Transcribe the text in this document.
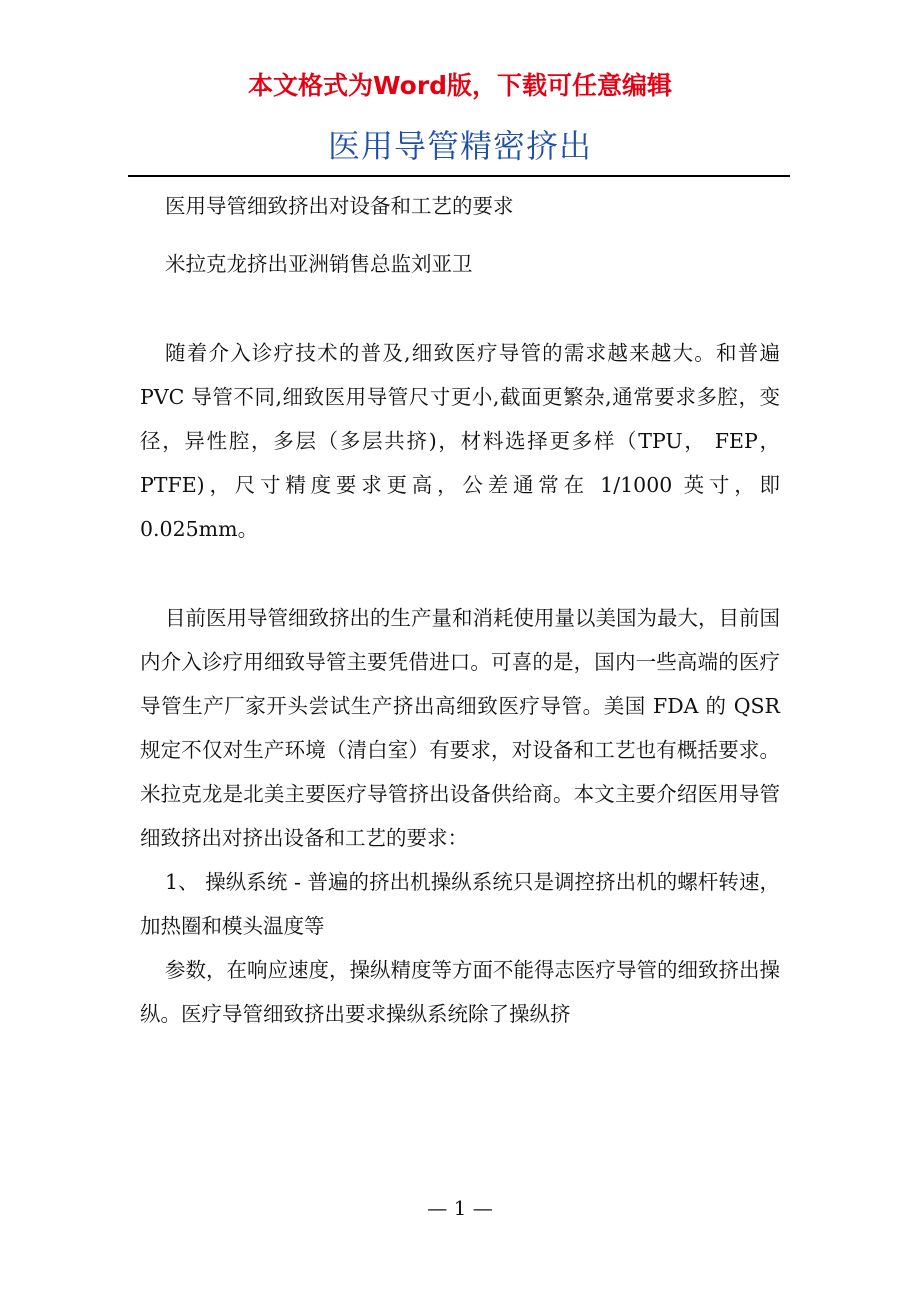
本文格式为Word版，下载可任意编辑
医用导管精密挤出

医用导管细致挤出对设备和工艺的要求

米拉克龙挤出亚洲销售总监刘亚卫

随着介入诊疗技术的普及,细致医疗导管的需求越来越大。和普遍 PVC 导管不同,细致医用导管尺寸更小,截面更繁杂,通常要求多腔，变径，异性腔，多层（多层共挤)，材料选择更多样（TPU， FEP，PTFE)，尺寸精度要求更高，公差通常在 1/1000 英寸，即 0.025mm。

目前医用导管细致挤出的生产量和消耗使用量以美国为最大，目前国内介入诊疗用细致导管主要凭借进口。可喜的是，国内一些高端的医疗导管生产厂家开头尝试生产挤出高细致医疗导管。美国 FDA 的 QSR 规定不仅对生产环境（清白室）有要求，对设备和工艺也有概括要求。米拉克龙是北美主要医疗导管挤出设备供给商。本文主要介绍医用导管细致挤出对挤出设备和工艺的要求：

1、 操纵系统 - 普遍的挤出机操纵系统只是调控挤出机的螺杆转速，加热圈和模头温度等

参数，在响应速度，操纵精度等方面不能得志医疗导管的细致挤出操纵。医疗导管细致挤出要求操纵系统除了操纵挤

— 1 —
